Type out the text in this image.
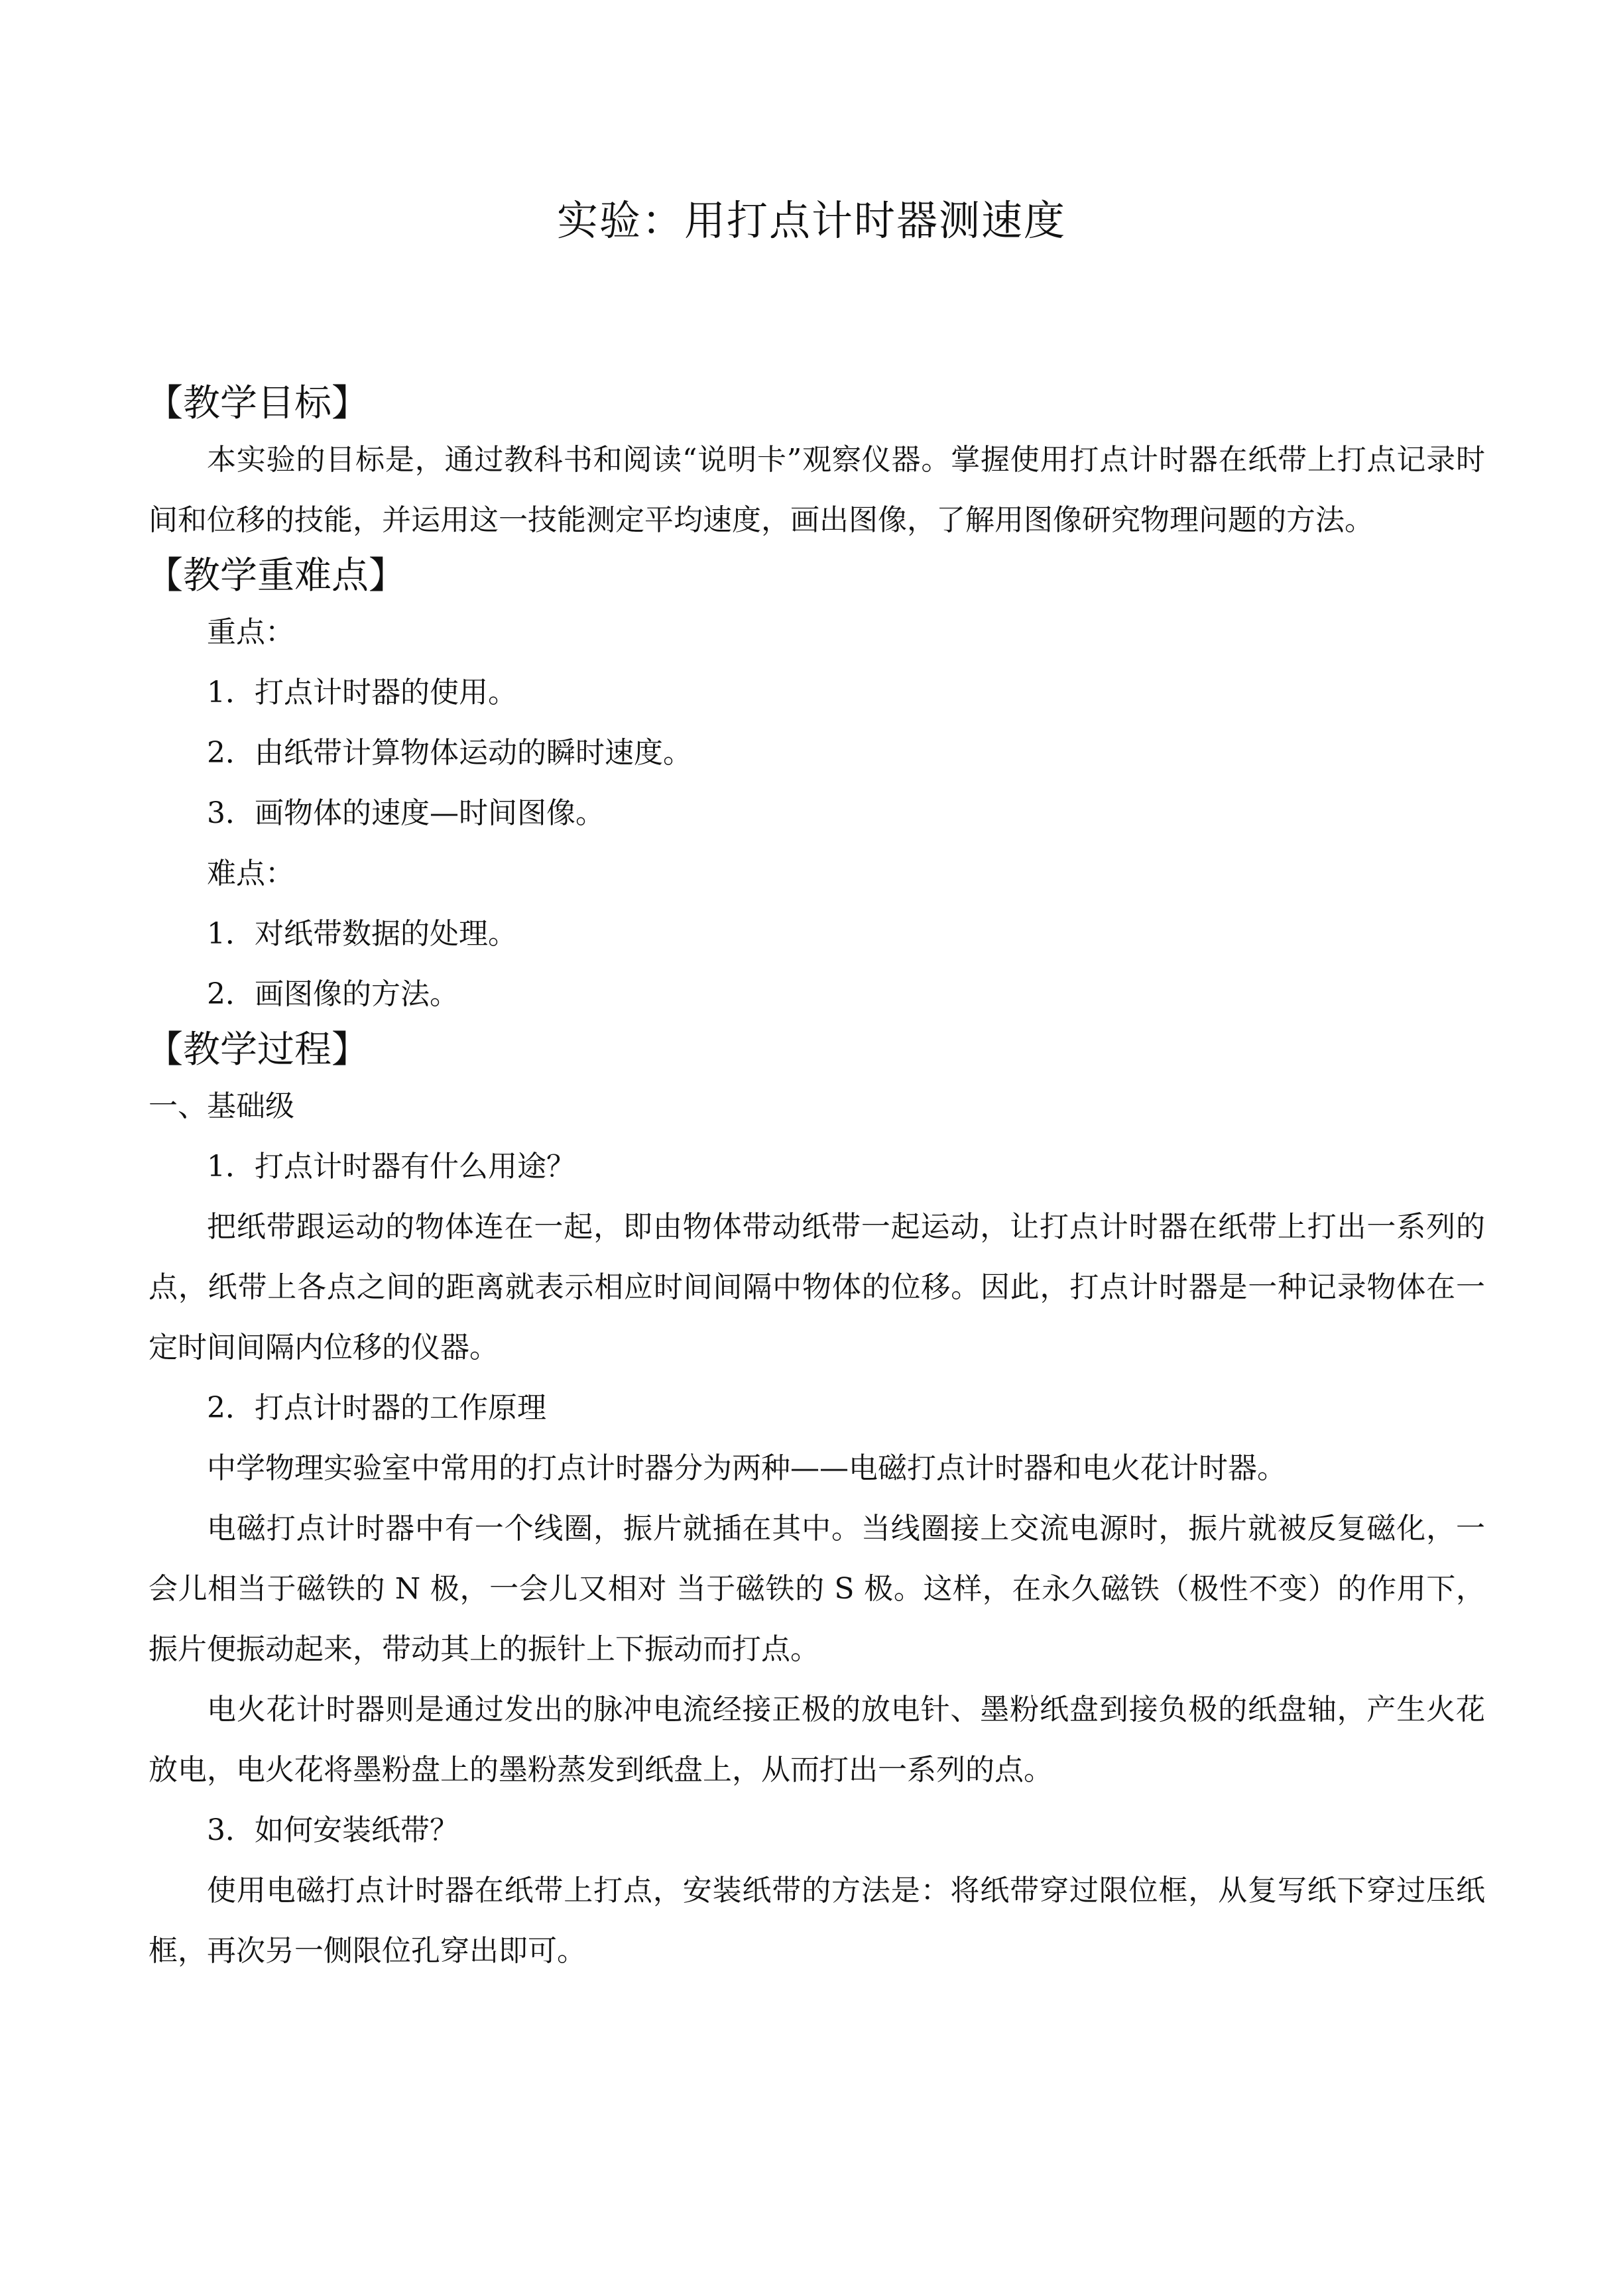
实验：用打点计时器测速度
【教学目标】
本实验的目标是，通过教科书和阅读“说明卡”观察仪器。掌握使用打点计时器在纸带上打点记录时间和位移的技能，并运用这一技能测定平均速度，画出图像，了解用图像研究物理问题的方法。
【教学重难点】
重点：
1．打点计时器的使用。
2．由纸带计算物体运动的瞬时速度。
3．画物体的速度—时间图像。
难点：
1．对纸带数据的处理。
2．画图像的方法。
【教学过程】
一、基础级
1．打点计时器有什么用途？
把纸带跟运动的物体连在一起，即由物体带动纸带一起运动，让打点计时器在纸带上打出一系列的点，纸带上各点之间的距离就表示相应时间间隔中物体的位移。因此，打点计时器是一种记录物体在一定时间间隔内位移的仪器。
2．打点计时器的工作原理
中学物理实验室中常用的打点计时器分为两种——电磁打点计时器和电火花计时器。
电磁打点计时器中有一个线圈，振片就插在其中。当线圈接上交流电源时，振片就被反复磁化，一会儿相当于磁铁的 N 极，一会儿又相对 当于磁铁的 S 极。这样，在永久磁铁（极性不变）的作用下，振片便振动起来，带动其上的振针上下振动而打点。
电火花计时器则是通过发出的脉冲电流经接正极的放电针、墨粉纸盘到接负极的纸盘轴，产生火花放电，电火花将墨粉盘上的墨粉蒸发到纸盘上，从而打出一系列的点。
3．如何安装纸带？
使用电磁打点计时器在纸带上打点，安装纸带的方法是：将纸带穿过限位框，从复写纸下穿过压纸框，再次另一侧限位孔穿出即可。
